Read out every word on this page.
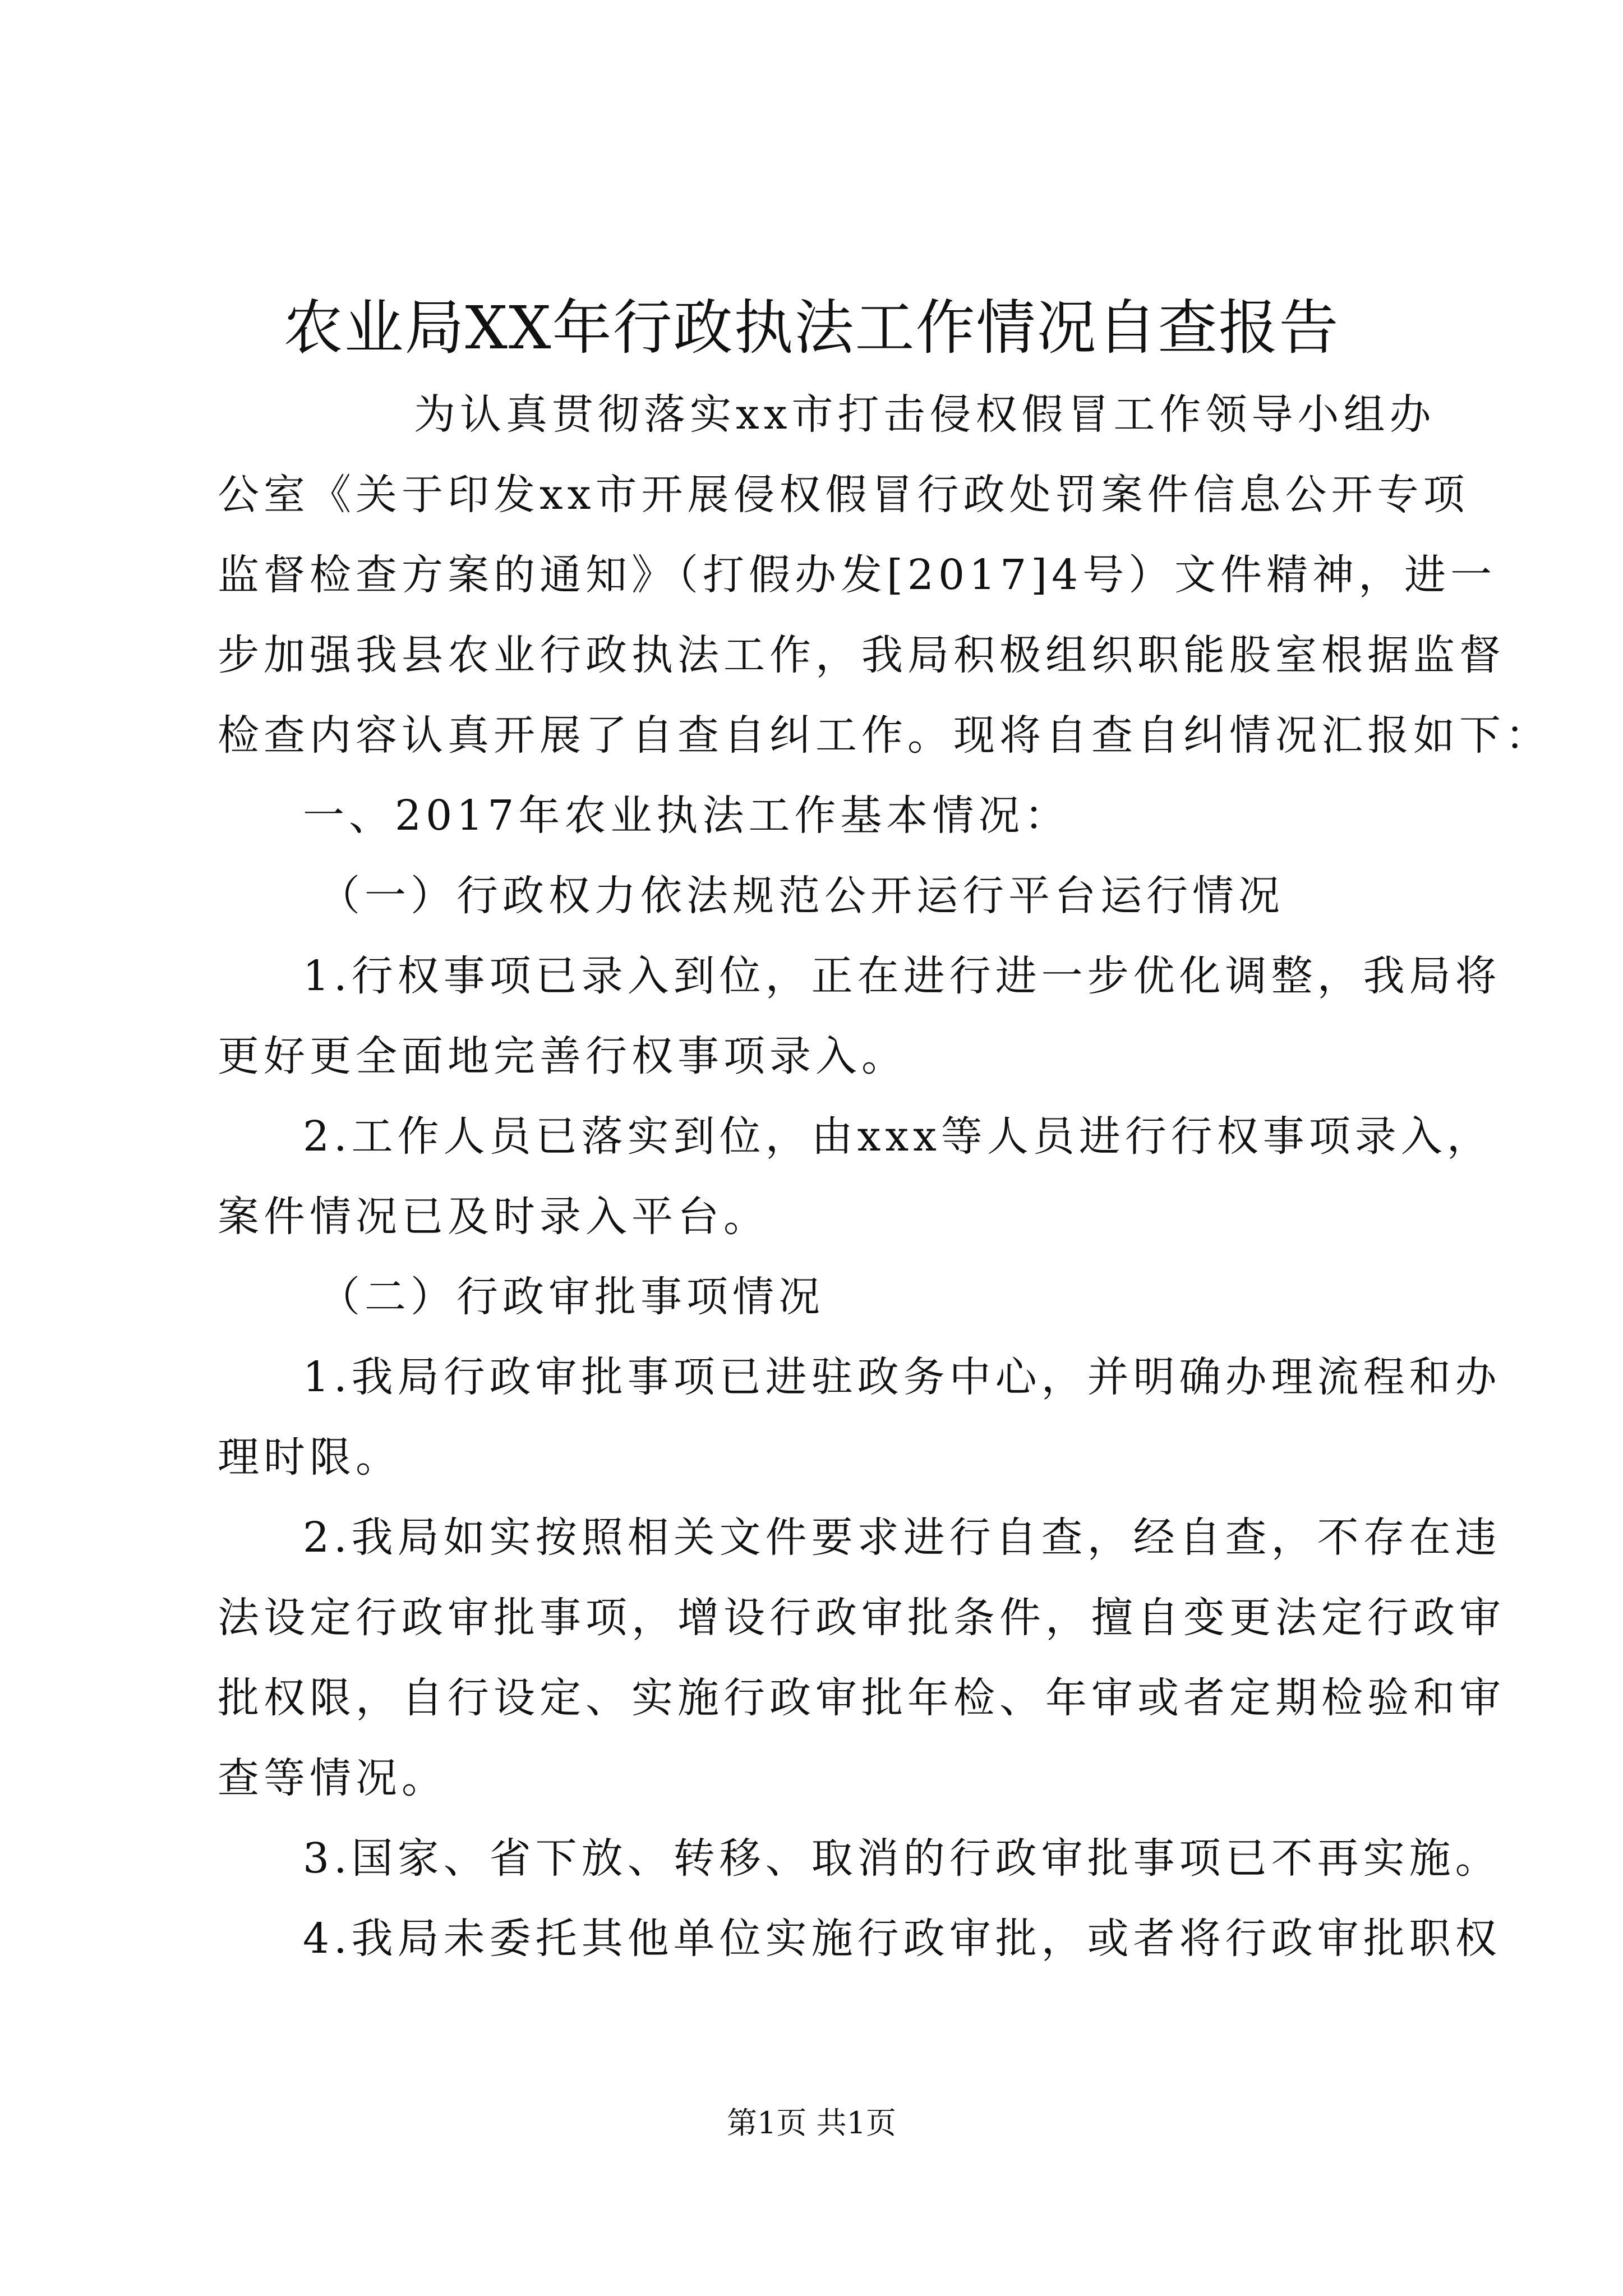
农业局XX年行政执法工作情况自查报告

为认真贯彻落实xx市打击侵权假冒工作领导小组办

公室《关于印发xx市开展侵权假冒行政处罚案件信息公开专项

监督检查方案的通知》（打假办发[2017]4号）文件精神，进一

步加强我县农业行政执法工作，我局积极组织职能股室根据监督

检查内容认真开展了自查自纠工作。现将自查自纠情况汇报如下：

一、2017年农业执法工作基本情况：

（一）行政权力依法规范公开运行平台运行情况

1.行权事项已录入到位，正在进行进一步优化调整，我局将

更好更全面地完善行权事项录入。

2.工作人员已落实到位，由xxx等人员进行行权事项录入，

案件情况已及时录入平台。

（二）行政审批事项情况

1.我局行政审批事项已进驻政务中心，并明确办理流程和办

理时限。

2.我局如实按照相关文件要求进行自查，经自查，不存在违

法设定行政审批事项，增设行政审批条件，擅自变更法定行政审

批权限，自行设定、实施行政审批年检、年审或者定期检验和审

查等情况。

3.国家、省下放、转移、取消的行政审批事项已不再实施。

4.我局未委托其他单位实施行政审批，或者将行政审批职权

第1页 共1页
